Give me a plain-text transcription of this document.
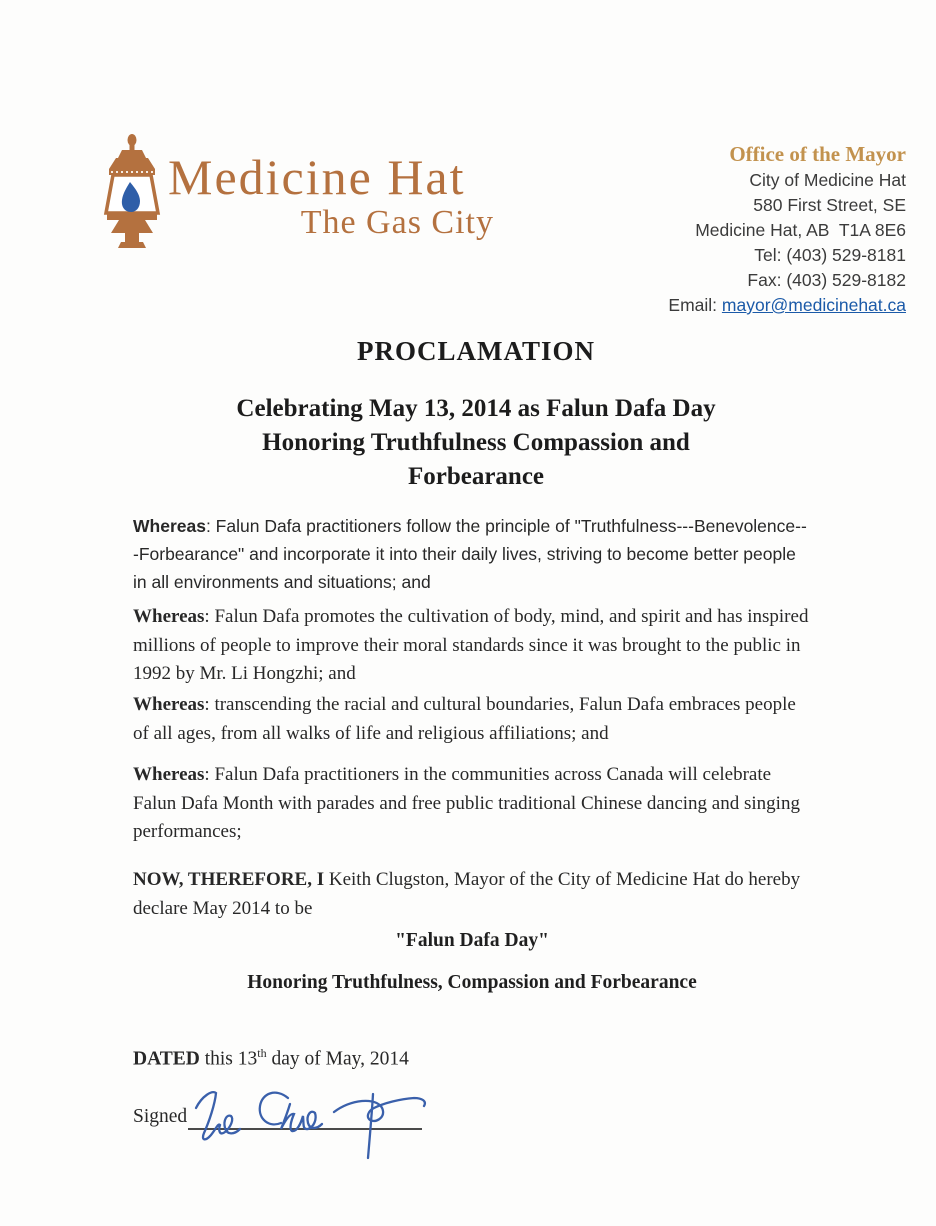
Medicine Hat
The Gas City
Office of the Mayor
City of Medicine Hat
580 First Street, SE
Medicine Hat, AB  T1A 8E6
Tel: (403) 529-8181
Fax: (403) 529-8182
Email: mayor@medicinehat.ca
PROCLAMATION
Celebrating May 13, 2014 as Falun Dafa Day
Honoring Truthfulness Compassion and
Forbearance

Whereas: Falun Dafa practitioners follow the principle of "Truthfulness---Benevolence---Forbearance" and incorporate it into their daily lives, striving to become better people in all environments and situations; and

Whereas: Falun Dafa promotes the cultivation of body, mind, and spirit and has inspired millions of people to improve their moral standards since it was brought to the public in 1992 by Mr. Li Hongzhi; and

Whereas: transcending the racial and cultural boundaries, Falun Dafa embraces people of all ages, from all walks of life and religious affiliations; and

Whereas: Falun Dafa practitioners in the communities across Canada will celebrate Falun Dafa Month with parades and free public traditional Chinese dancing and singing performances;

NOW, THEREFORE, I Keith Clugston, Mayor of the City of Medicine Hat do hereby declare May 2014 to be

"Falun Dafa Day"
Honoring Truthfulness, Compassion and Forbearance
DATED this 13th day of May, 2014
Signed
